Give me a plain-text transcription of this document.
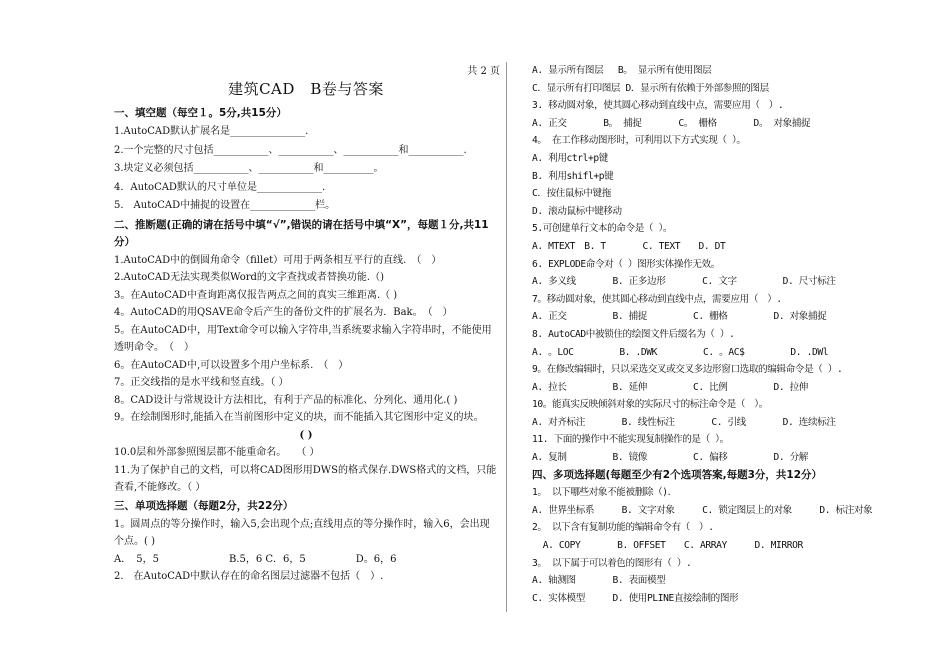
共 2 页
建筑CAD　B卷与答案
一、填空题（每空１。5分,共15分）
1.AutoCAD默认扩展名是_______________.
2.一个完整的尺寸包括___________、___________、___________和___________.
3.块定义必须包括___________、___________和__________。
4．AutoCAD默认的尺寸单位是_____________.
5． AutoCAD中捕捉的设置在_____________栏。
二、推断题(正确的请在括号中填“√”,错误的请在括号中填“X”，每题１分,共11分）
1.AutoCAD中的倒圆角命令（fillet）可用于两条相互平行的直线.　（　）
2.AutoCAD无法实现类似Word的文字查找或者替换功能.（)
3。在AutoCAD中查询距离仅报告两点之间的真实三维距离.（ )
4。AutoCAD的用QSAVE命令后产生的备份文件的扩展名为．Bak。　（　）
5。在AutoCAD中，用Text命令可以输入字符串,当系统要求输入字符串时，不能使用透明命令。　（　）
6。在AutoCAD中,可以设置多个用户坐标系.　（　）
7。正交线指的是水平线和竖直线。（ ）
8。CAD设计与常规设计方法相比，有利于产品的标准化、分列化、通用化.( )
9。在绘制图形时,能插入在当前图形中定义的块，而不能插入其它图形中定义的块。
( )
10.0层和外部参照图层都不能重命名。　　（ ）
11.为了保护自己的文档，可以将CAD图形用DWS的格式保存.DWS格式的文档，只能查看,不能修改。（ ）
三、单项选择题（每题2分，共22分）
1。圆周点的等分操作时，输入5,会出现个点;直线用点的等分操作时，输入6，会出现个点。( )
A．　5，5　　　　　　　B.5，6 C．6，5　　　　　D。6，6
2． 在AutoCAD中默认存在的命名图层过滤器不包括（　）.
A. 显示所有图层　 B。 显示所有使用图层
C．显示所有打印图层 D．显示所有依赖于外部参照的图层
3. 移动圆对象，使其圆心移动到直线中点，需要应用（　）.
A. 正交　　　　B。 捕捉　　　　C。 栅格　　　　D。 对象捕捉
4。 在工作移动图形时，可利用以下方式实现（ ）。
A. 利用ctrl+p键
B. 利用shifl+p键
C．按住鼠标中键拖
D. 滚动鼠标中键移动
5.可创建单行文本的命令是（ ）。
A. MTEXT　B. T　　　　C. TEXT　　D. DT
6. EXPLODE命令对（ ）图形实体操作无效。
A. 多义线　　　　B. 正多边形　　　　C. 文字　　　　　D. 尺寸标注
7。移动圆对象，使其圆心移动到直线中点，需要应用（　）.
A. 正交　　　　　B. 捕捉　　　　　C. 栅格　　　　　D. 对象捕捉
8. AutoCAD中被锁住的绘图文件后缀名为（ ）.
A. 。LOC　　　　　B. .DWK　　　　　C. 。AC$　　　　　D. .DWl
9。在修改编辑时，只以采选交叉或交叉多边形窗口选取的编辑命令是（ ）.
A. 拉长　　　　　B. 延伸　　　　　C. 比例　　　　　D. 拉伸
10。能真实反映倾斜对象的实际尺寸的标注命令是（　）。
A. 对齐标注　　　　B. 线性标注　　　　C. 引线　　　　D. 连续标注
11. 下面的操作中不能实现复制操作的是（ ）。
A. 复制　　　　　B. 镜像　　　　　C. 偏移　　　　　D. 分解
四、多项选择题(每题至少有2个选项答案,每题3分，共12分）
1。 以下哪些对象不能被删除（)．
A. 世界坐标系　　　B. 文字对象　　　C. 锁定图层上的对象　　　D. 标注对象
2。 以下含有复制功能的编辑命令有（　）.
A. COPY　　　　B. OFFSET　　C. ARRAY　　　D. MIRROR
3。 以下属于可以着色的图形有（ ）.
A. 轴测图　　　　B. 表面模型
C. 实体模型　　　D. 使用PLINE直接绘制的图形
